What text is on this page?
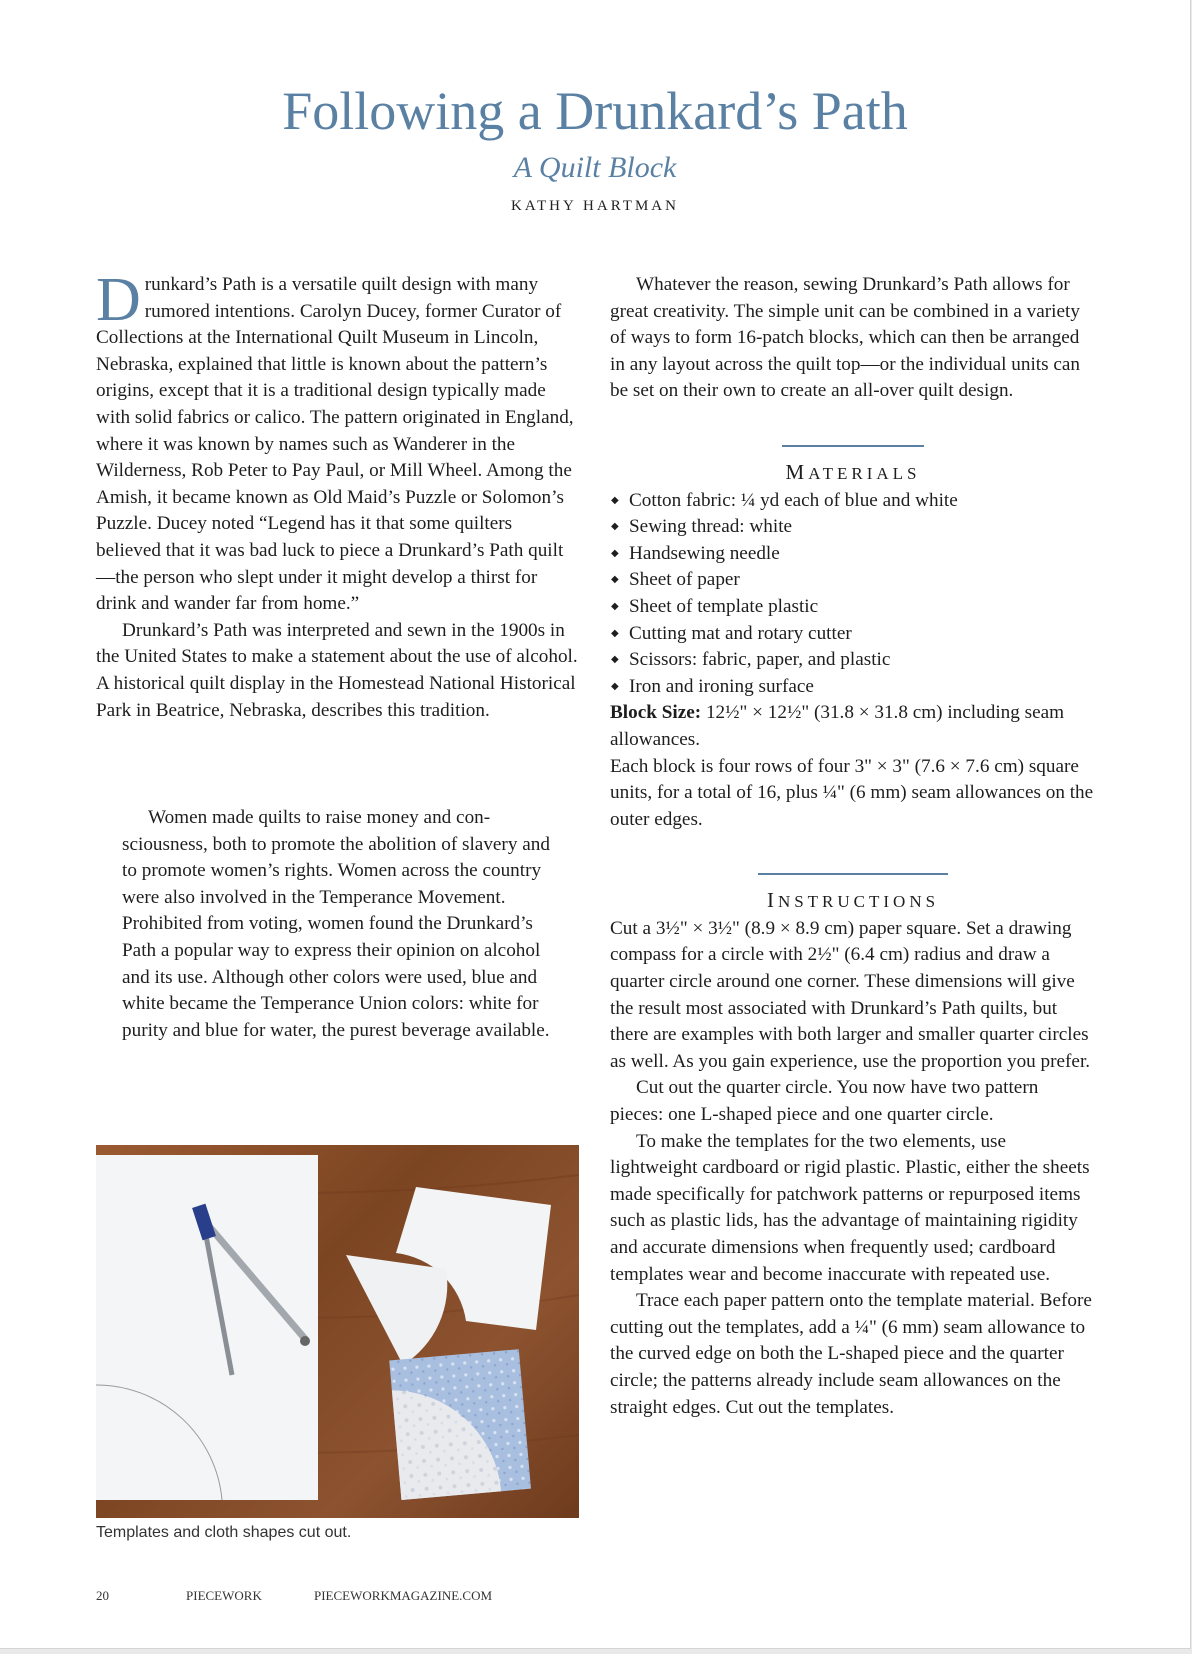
Following a Drunkard’s Path
A Quilt Block
KATHY HARTMAN

Drunkard’s Path is a versatile quilt design with many rumored intentions. Carolyn Ducey, former Curator of Collections at the International Quilt Museum in Lincoln, Nebraska, explained that little is known about the pattern’s origins, except that it is a traditional design typically made with solid fabrics or calico. The pattern originated in England, where it was known by names such as Wanderer in the Wilderness, Rob Peter to Pay Paul, or Mill Wheel. Among the Amish, it became known as Old Maid’s Puzzle or Solomon’s Puzzle. Ducey noted “Legend has it that some quilters believed that it was bad luck to piece a Drunkard’s Path quilt—the person who slept under it might develop a thirst for drink and wander far from home.”

Drunkard’s Path was interpreted and sewn in the 1900s in the United States to make a statement about the use of alcohol. A historical quilt display in the Homestead National Historical Park in Beatrice, Nebraska, describes this tradition.

Women made quilts to raise money and consciousness, both to promote the abolition of slavery and to promote women’s rights. Women across the country were also involved in the Temperance Movement. Prohibited from voting, women found the Drunkard’s Path a popular way to express their opinion on alcohol and its use. Although other colors were used, blue and white became the Temperance Union colors: white for purity and blue for water, the purest beverage available.

Templates and cloth shapes cut out.

Whatever the reason, sewing Drunkard’s Path allows for great creativity. The simple unit can be combined in a variety of ways to form 16-patch blocks, which can then be arranged in any layout across the quilt top—or the individual units can be set on their own to create an all-over quilt design.

MATERIALS

◆ Cotton fabric: ¼ yd each of blue and white
◆ Sewing thread: white
◆ Handsewing needle
◆ Sheet of paper
◆ Sheet of template plastic
◆ Cutting mat and rotary cutter
◆ Scissors: fabric, paper, and plastic
◆ Iron and ironing surface

Block Size: 12½" × 12½" (31.8 × 31.8 cm) including seam allowances.

Each block is four rows of four 3" × 3" (7.6 × 7.6 cm) square units, for a total of 16, plus ¼" (6 mm) seam allowances on the outer edges.

INSTRUCTIONS

Cut a 3½" × 3½" (8.9 × 8.9 cm) paper square. Set a drawing compass for a circle with 2½" (6.4 cm) radius and draw a quarter circle around one corner. These dimensions will give the result most associated with Drunkard’s Path quilts, but there are examples with both larger and smaller quarter circles as well. As you gain experience, use the proportion you prefer.

Cut out the quarter circle. You now have two pattern pieces: one L-shaped piece and one quarter circle.

To make the templates for the two elements, use lightweight cardboard or rigid plastic. Plastic, either the sheets made specifically for patchwork patterns or repurposed items such as plastic lids, has the advantage of maintaining rigidity and accurate dimensions when frequently used; cardboard templates wear and become inaccurate with repeated use.

Trace each paper pattern onto the template material. Before cutting out the templates, add a ¼" (6 mm) seam allowance to the curved edge on both the L-shaped piece and the quarter circle; the patterns already include seam allowances on the straight edges. Cut out the templates.

20	PIECEWORK	PIECEWORKMAGAZINE.COM
